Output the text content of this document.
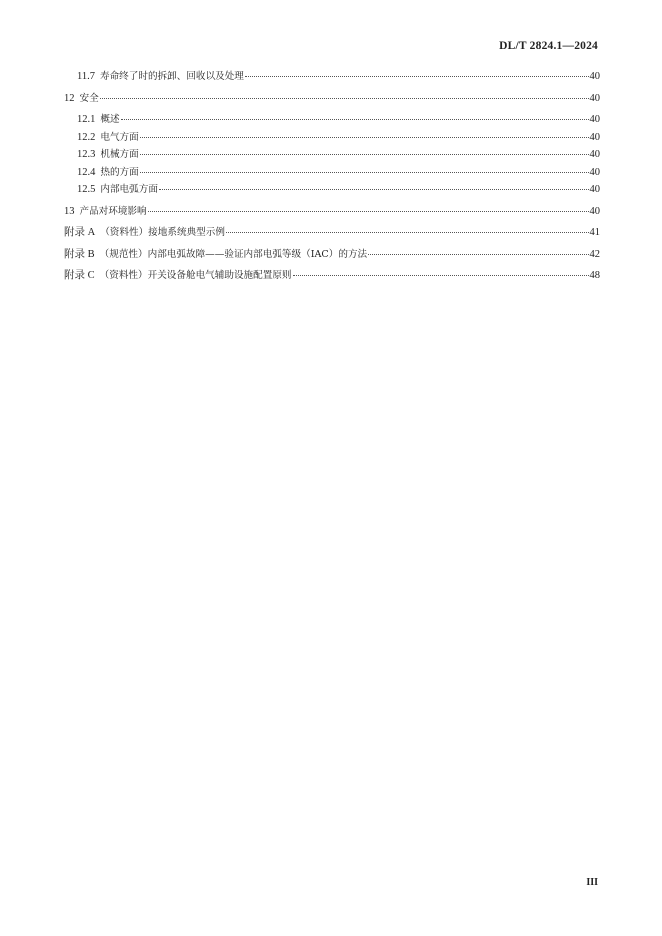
DL/T 2824.1—2024
11.7 寿命终了时的拆卸、回收以及处理	40
12 安全	40
12.1 概述	40
12.2 电气方面	40
12.3 机械方面	40
12.4 热的方面	40
12.5 内部电弧方面	40
13 产品对环境影响	40
附录 A （资料性）接地系统典型示例	41
附录 B （规范性）内部电弧故障——验证内部电弧等级（IAC）的方法	42
附录 C （资料性）开关设备舱电气辅助设施配置原则	48
III
